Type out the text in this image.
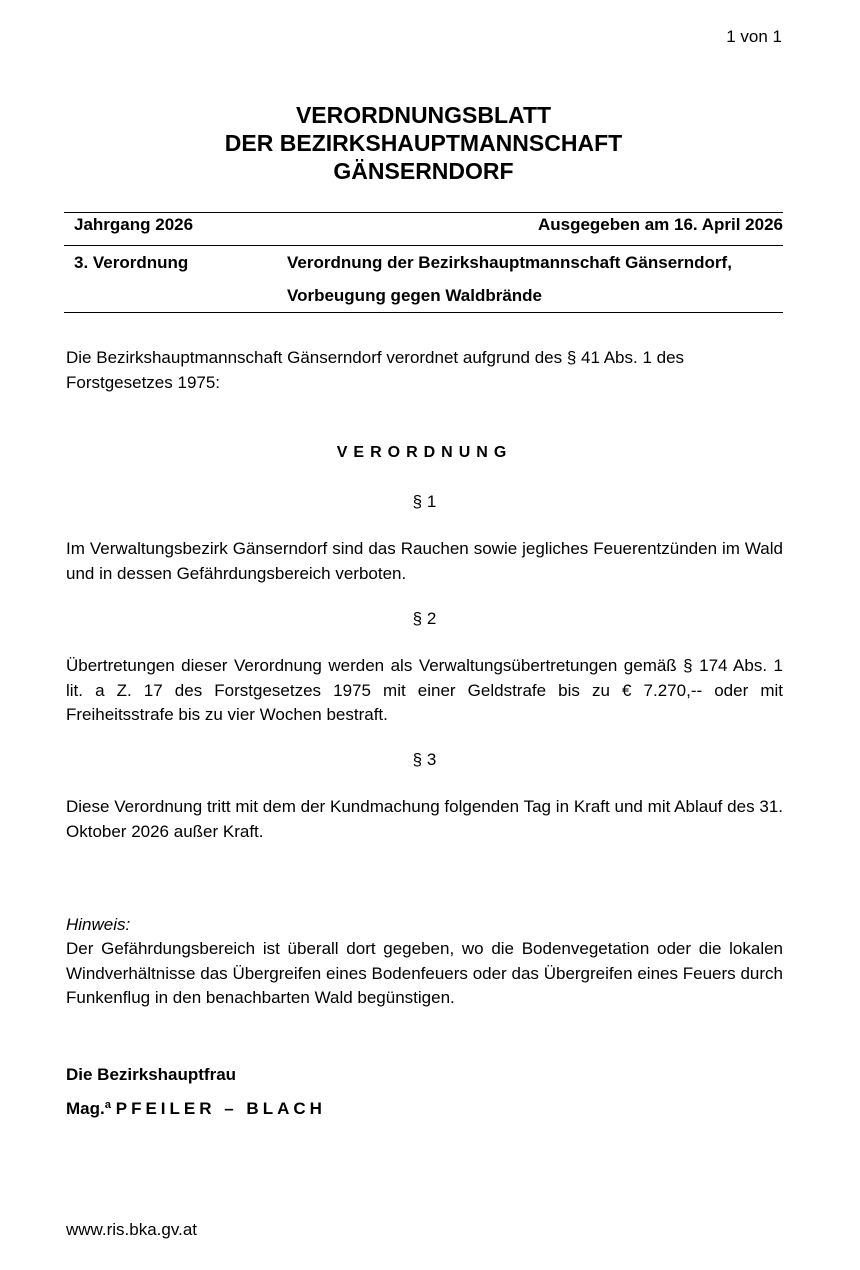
1 von 1
VERORDNUNGSBLATT
DER BEZIRKSHAUPTMANNSCHAFT
GÄNSERNDORF
Jahrgang 2026	Ausgegeben am 16. April 2026
3. Verordnung	Verordnung der Bezirkshauptmannschaft Gänserndorf,
Vorbeugung gegen Waldbrände
Die Bezirkshauptmannschaft Gänserndorf verordnet aufgrund des § 41 Abs. 1 des Forstgesetzes 1975:
VERORDNUNG
§ 1
Im Verwaltungsbezirk Gänserndorf sind das Rauchen sowie jegliches Feuerentzünden im Wald und in dessen Gefährdungsbereich verboten.
§ 2
Übertretungen dieser Verordnung werden als Verwaltungsübertretungen gemäß § 174 Abs. 1 lit. a Z. 17 des Forstgesetzes 1975 mit einer Geldstrafe bis zu € 7.270,-- oder mit Freiheitsstrafe bis zu vier Wochen bestraft.
§ 3
Diese Verordnung tritt mit dem der Kundmachung folgenden Tag in Kraft und mit Ablauf des 31. Oktober 2026 außer Kraft.
Hinweis:
Der Gefährdungsbereich ist überall dort gegeben, wo die Bodenvegetation oder die lokalen Windverhältnisse das Übergreifen eines Bodenfeuers oder das Übergreifen eines Feuers durch Funkenflug in den benachbarten Wald begünstigen.
Die Bezirkshauptfrau
Mag.ª PFEILER – BLACH
www.ris.bka.gv.at
